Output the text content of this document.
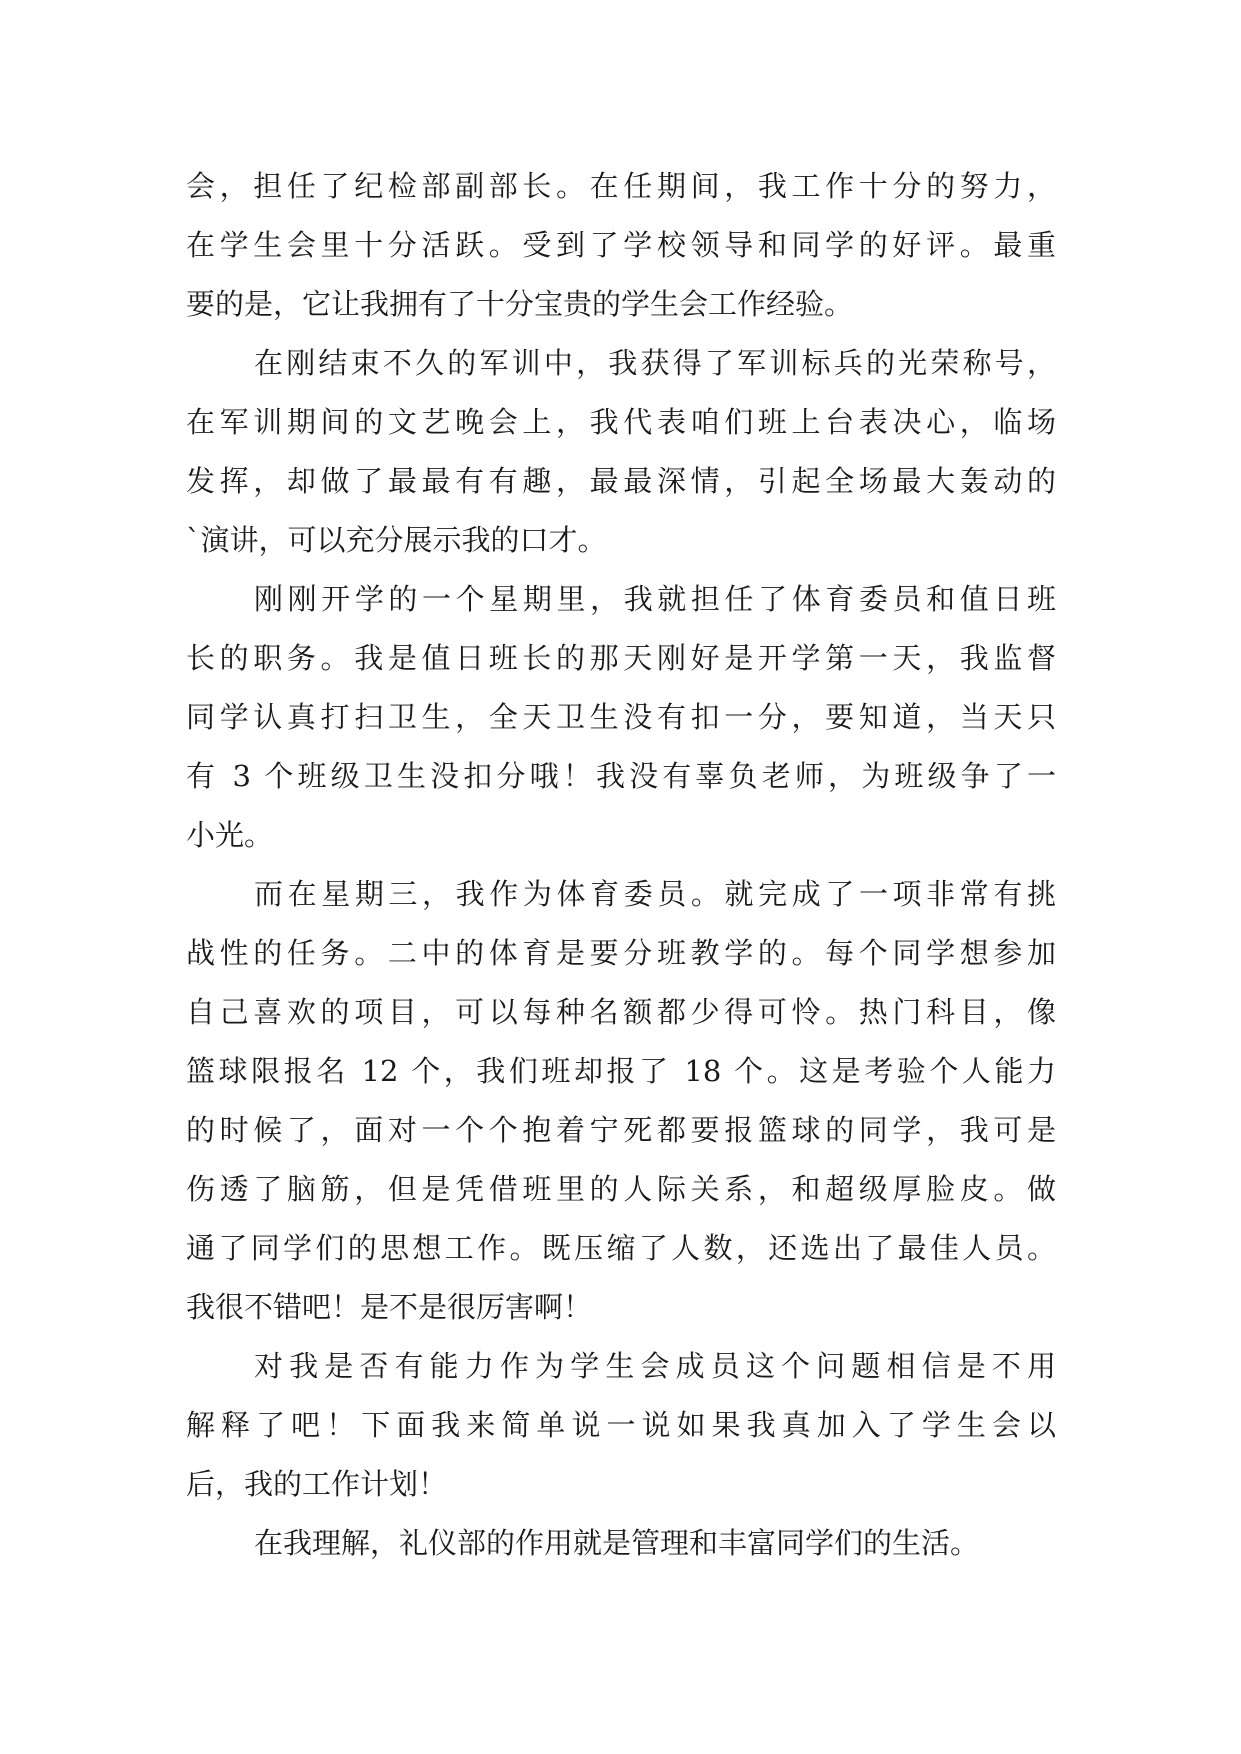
会，担任了纪检部副部长。在任期间，我工作十分的努力，
在学生会里十分活跃。受到了学校领导和同学的好评。最重
要的是，它让我拥有了十分宝贵的学生会工作经验。
在刚结束不久的军训中，我获得了军训标兵的光荣称号，
在军训期间的文艺晚会上，我代表咱们班上台表决心，临场
发挥，却做了最最有有趣，最最深情，引起全场最大轰动的
`演讲，可以充分展示我的口才。
刚刚开学的一个星期里，我就担任了体育委员和值日班
长的职务。我是值日班长的那天刚好是开学第一天，我监督
同学认真打扫卫生，全天卫生没有扣一分，要知道，当天只
有 3 个班级卫生没扣分哦！我没有辜负老师，为班级争了一
小光。
而在星期三，我作为体育委员。就完成了一项非常有挑
战性的任务。二中的体育是要分班教学的。每个同学想参加
自己喜欢的项目，可以每种名额都少得可怜。热门科目，像
篮球限报名 12 个，我们班却报了 18 个。这是考验个人能力
的时候了，面对一个个抱着宁死都要报篮球的同学，我可是
伤透了脑筋，但是凭借班里的人际关系，和超级厚脸皮。做
通了同学们的思想工作。既压缩了人数，还选出了最佳人员。
我很不错吧！是不是很厉害啊！
对我是否有能力作为学生会成员这个问题相信是不用
解释了吧！下面我来简单说一说如果我真加入了学生会以
后，我的工作计划！
在我理解，礼仪部的作用就是管理和丰富同学们的生活。
